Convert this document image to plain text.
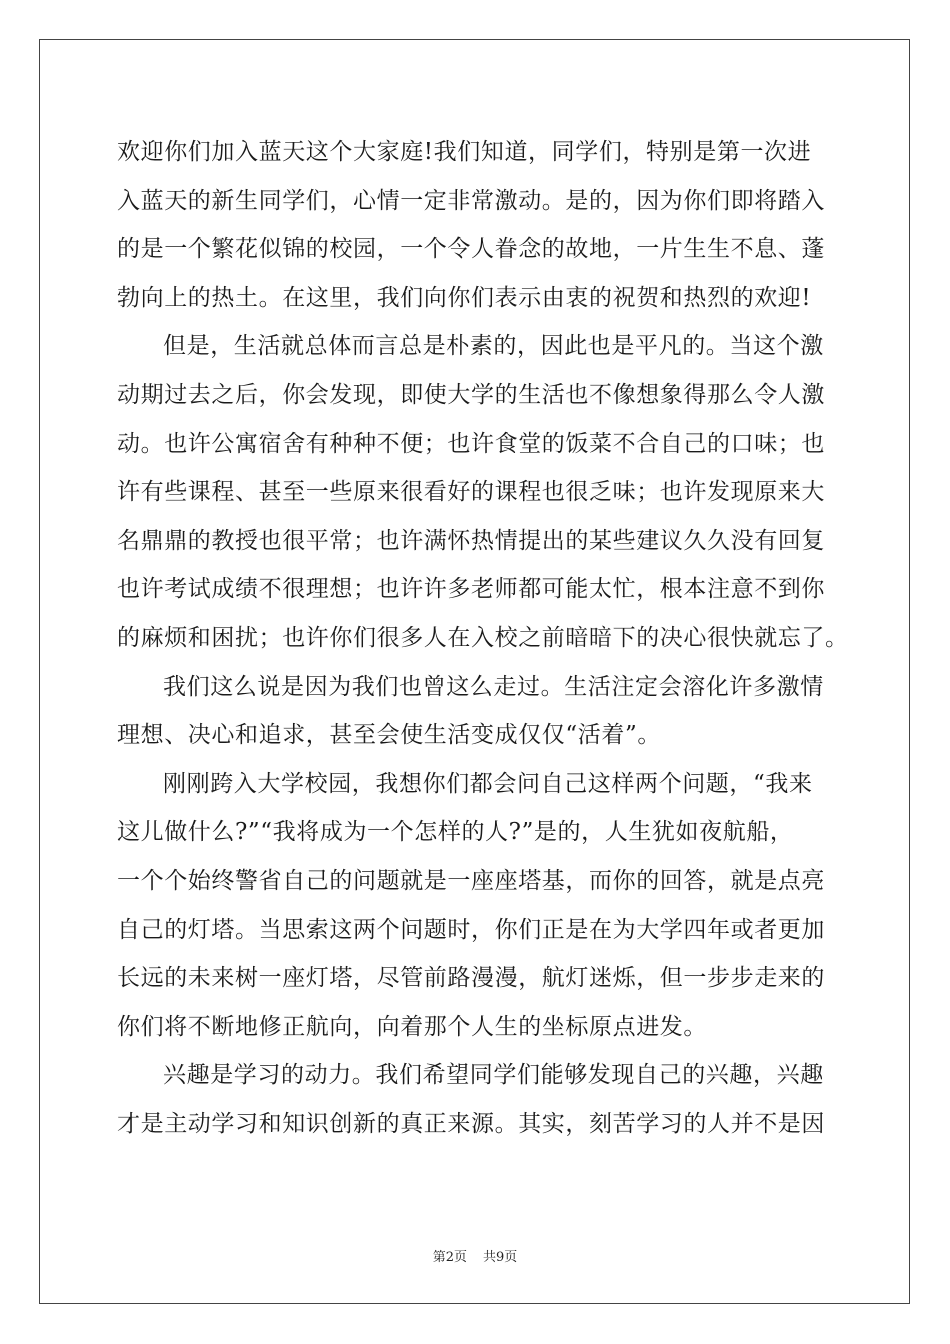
欢迎你们加入蓝天这个大家庭!我们知道，同学们，特别是第一次进
入蓝天的新生同学们，心情一定非常激动。是的，因为你们即将踏入
的是一个繁花似锦的校园，一个令人眷念的故地，一片生生不息、蓬
勃向上的热土。在这里，我们向你们表示由衷的祝贺和热烈的欢迎!
但是，生活就总体而言总是朴素的，因此也是平凡的。当这个激
动期过去之后，你会发现，即使大学的生活也不像想象得那么令人激
动。也许公寓宿舍有种种不便；也许食堂的饭菜不合自己的口味；也
许有些课程、甚至一些原来很看好的课程也很乏味；也许发现原来大
名鼎鼎的教授也很平常；也许满怀热情提出的某些建议久久没有回复
也许考试成绩不很理想；也许许多老师都可能太忙，根本注意不到你
的麻烦和困扰；也许你们很多人在入校之前暗暗下的决心很快就忘了。
我们这么说是因为我们也曾这么走过。生活注定会溶化许多激情
理想、决心和追求，甚至会使生活变成仅仅“活着”。
刚刚跨入大学校园，我想你们都会问自己这样两个问题，“我来
这儿做什么?”“我将成为一个怎样的人?”是的，人生犹如夜航船，
一个个始终警省自己的问题就是一座座塔基，而你的回答，就是点亮
自己的灯塔。当思索这两个问题时，你们正是在为大学四年或者更加
长远的未来树一座灯塔，尽管前路漫漫，航灯迷烁，但一步步走来的
你们将不断地修正航向，向着那个人生的坐标原点进发。
兴趣是学习的动力。我们希望同学们能够发现自己的兴趣，兴趣
才是主动学习和知识创新的真正来源。其实，刻苦学习的人并不是因
第2页 共9页
